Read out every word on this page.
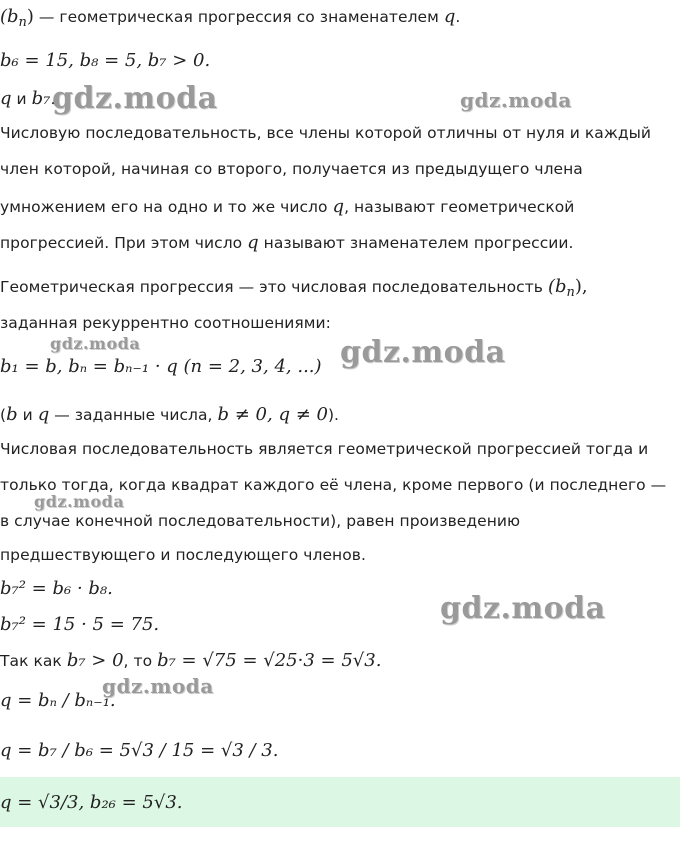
$(b_n)$ — геометрическая прогрессия со знаменателем q.
b₆ = 15, b₈ = 5, b₇ > 0.
q и b₇.
Числовую последовательность, все члены которой отличны от нуля и каждый
член которой, начиная со второго, получается из предыдущего члена
умножением его на одно и то же число q, называют геометрической
прогрессией. При этом число q называют знаменателем прогрессии.
Геометрическая прогрессия — это числовая последовательность $(b_n)$,
заданная рекуррентно соотношениями:
b₁ = b, bₙ = bₙ₋₁ · q (n = 2, 3, 4, ...)
(b и q — заданные числа, b ≠ 0, q ≠ 0).
Числовая последовательность является геометрической прогрессией тогда и
только тогда, когда квадрат каждого её члена, кроме первого (и последнего —
в случае конечной последовательности), равен произведению
предшествующего и последующего членов.
b₇² = b₆ · b₈.
b₇² = 15 · 5 = 75.
Так как b₇ > 0, то b₇ = √75 = √25·3 = 5√3.
q = bₙ / bₙ₋₁.
q = b₇ / b₆ = 5√3 / 15 = √3 / 3.
q = √3/3, b₂₆ = 5√3.
gdz.moda	gdz.moda
gdz.moda	gdz.moda
gdz.moda
gdz.moda
gdz.moda
